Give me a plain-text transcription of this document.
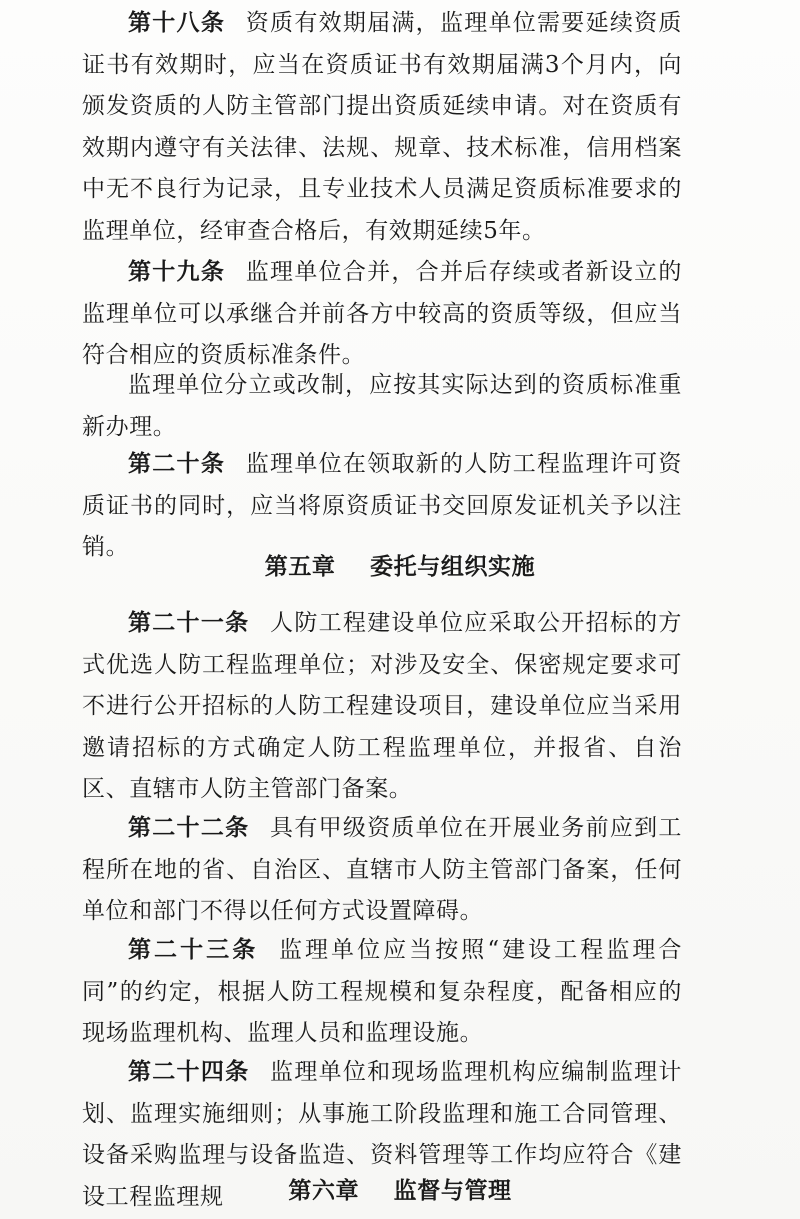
第十八条 资质有效期届满，监理单位需要延续资质证书有效期时，应当在资质证书有效期届满3个月内，向颁发资质的人防主管部门提出资质延续申请。对在资质有效期内遵守有关法律、法规、规章、技术标准，信用档案中无不良行为记录，且专业技术人员满足资质标准要求的监理单位，经审查合格后，有效期延续5年。

第十九条 监理单位合并，合并后存续或者新设立的监理单位可以承继合并前各方中较高的资质等级，但应当符合相应的资质标准条件。

监理单位分立或改制，应按其实际达到的资质标准重新办理。

第二十条 监理单位在领取新的人防工程监理许可资质证书的同时，应当将原资质证书交回原发证机关予以注销。

第五章 委托与组织实施

第二十一条 人防工程建设单位应采取公开招标的方式优选人防工程监理单位；对涉及安全、保密规定要求可不进行公开招标的人防工程建设项目，建设单位应当采用邀请招标的方式确定人防工程监理单位，并报省、自治区、直辖市人防主管部门备案。

第二十二条 具有甲级资质单位在开展业务前应到工程所在地的省、自治区、直辖市人防主管部门备案，任何单位和部门不得以任何方式设置障碍。

第二十三条 监理单位应当按照“建设工程监理合同”的约定，根据人防工程规模和复杂程度，配备相应的现场监理机构、监理人员和监理设施。

第二十四条 监理单位和现场监理机构应编制监理计划、监理实施细则；从事施工阶段监理和施工合同管理、设备采购监理与设备监造、资料管理等工作均应符合《建设工程监理规	第六章 监督与管理
